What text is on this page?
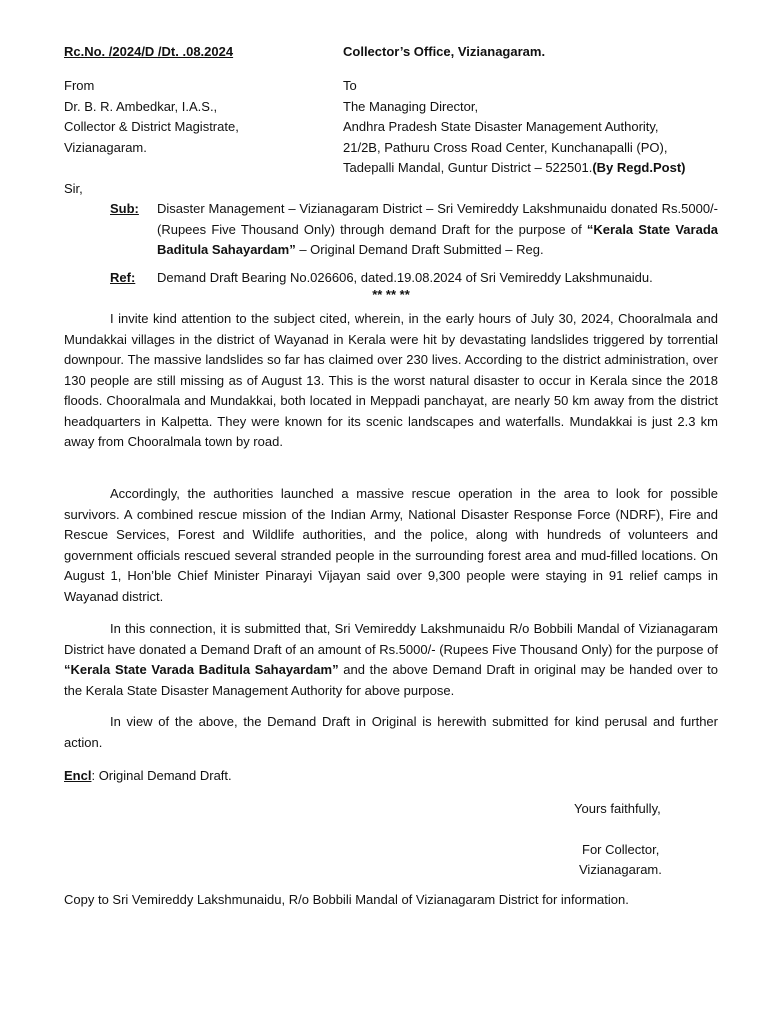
Rc.No. /2024/D /Dt. .08.2024	Collector’s Office, Vizianagaram.
From
Dr. B. R. Ambedkar, I.A.S.,
Collector & District Magistrate,
Vizianagaram.
To
The Managing Director,
Andhra Pradesh State Disaster Management Authority,
21/2B, Pathuru Cross Road Center, Kunchanapalli (PO),
Tadepalli Mandal, Guntur District – 522501.(By Regd.Post)
Sir,
Sub: Disaster Management – Vizianagaram District – Sri Vemireddy Lakshmunaidu donated Rs.5000/- (Rupees Five Thousand Only) through demand Draft for the purpose of “Kerala State Varada Baditula Sahayardam” – Original Demand Draft Submitted – Reg.
Ref: Demand Draft Bearing No.026606, dated.19.08.2024 of Sri Vemireddy Lakshmunaidu.
** ** **
I invite kind attention to the subject cited, wherein, in the early hours of July 30, 2024, Chooralmala and Mundakkai villages in the district of Wayanad in Kerala were hit by devastating landslides triggered by torrential downpour. The massive landslides so far has claimed over 230 lives. According to the district administration, over 130 people are still missing as of August 13. This is the worst natural disaster to occur in Kerala since the 2018 floods. Chooralmala and Mundakkai, both located in Meppadi panchayat, are nearly 50 km away from the district headquarters in Kalpetta. They were known for its scenic landscapes and waterfalls. Mundakkai is just 2.3 km away from Chooralmala town by road.
Accordingly, the authorities launched a massive rescue operation in the area to look for possible survivors. A combined rescue mission of the Indian Army, National Disaster Response Force (NDRF), Fire and Rescue Services, Forest and Wildlife authorities, and the police, along with hundreds of volunteers and government officials rescued several stranded people in the surrounding forest area and mud-filled locations. On August 1, Hon’ble Chief Minister Pinarayi Vijayan said over 9,300 people were staying in 91 relief camps in Wayanad district.
In this connection, it is submitted that, Sri Vemireddy Lakshmunaidu R/o Bobbili Mandal of Vizianagaram District have donated a Demand Draft of an amount of Rs.5000/- (Rupees Five Thousand Only) for the purpose of “Kerala State Varada Baditula Sahayardam” and the above Demand Draft in original may be handed over to the Kerala State Disaster Management Authority for above purpose.
In view of the above, the Demand Draft in Original is herewith submitted for kind perusal and further action.
Encl: Original Demand Draft.
Yours faithfully,
For Collector,
Vizianagaram.
Copy to Sri Vemireddy Lakshmunaidu, R/o Bobbili Mandal of Vizianagaram District for information.
